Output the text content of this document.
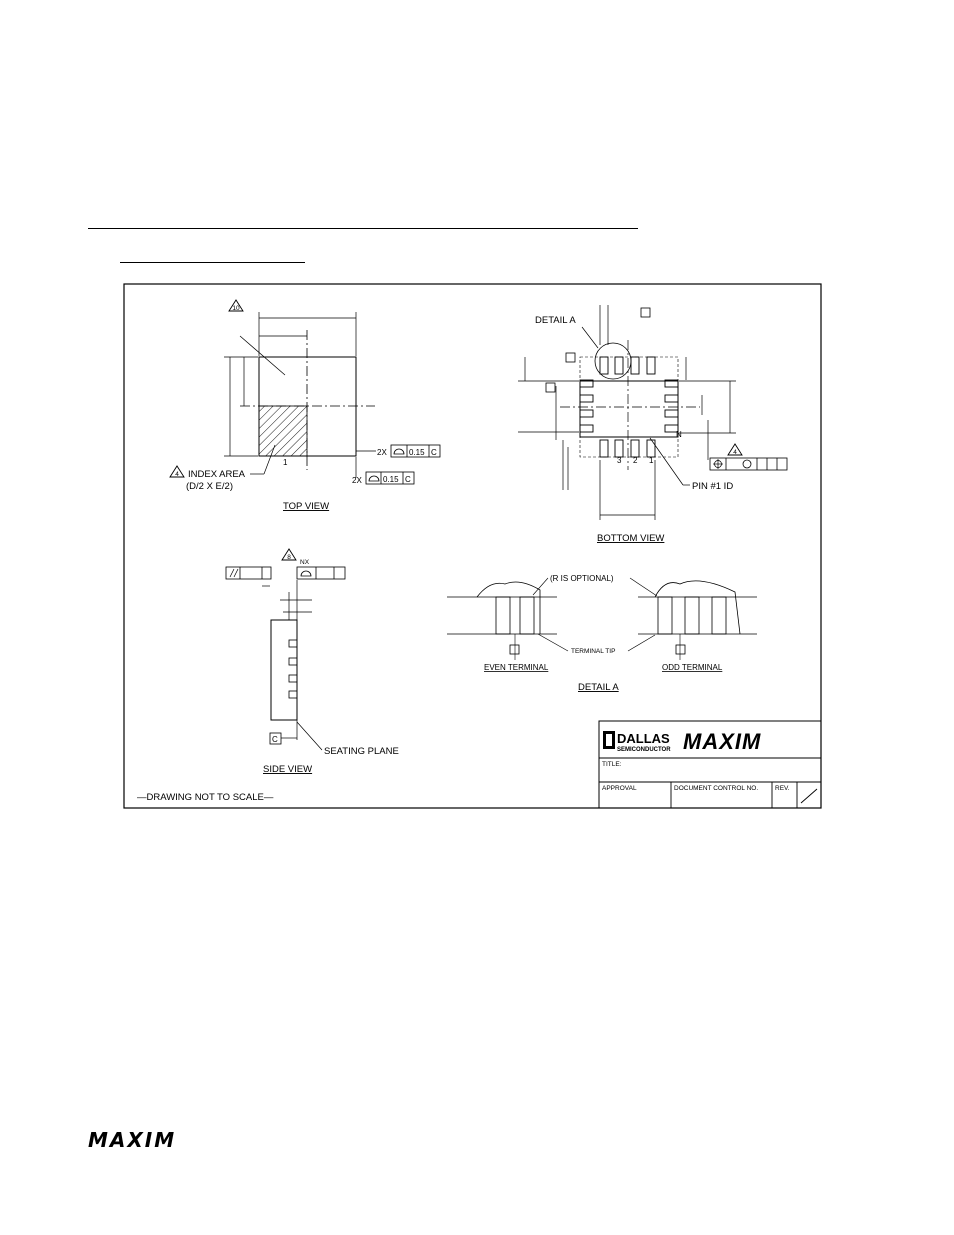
10
2X	0.15 C
2X	0.15 C
1
4 INDEX AREA
(D/2 X E/2)
TOP VIEW
DETAIL A
3 2 1
N
PIN #1 ID
4
BOTTOM VIEW
8
NX
C
SEATING PLANE
SIDE VIEW
EVEN TERMINAL	ODD TERMINAL
(R IS OPTIONAL)
TERMINAL TIP
DETAIL A
—DRAWING NOT TO SCALE—
DALLAS
SEMICONDUCTOR MAXIM
TITLE:
APPROVAL	DOCUMENT CONTROL NO.	REV.
MAXIM
